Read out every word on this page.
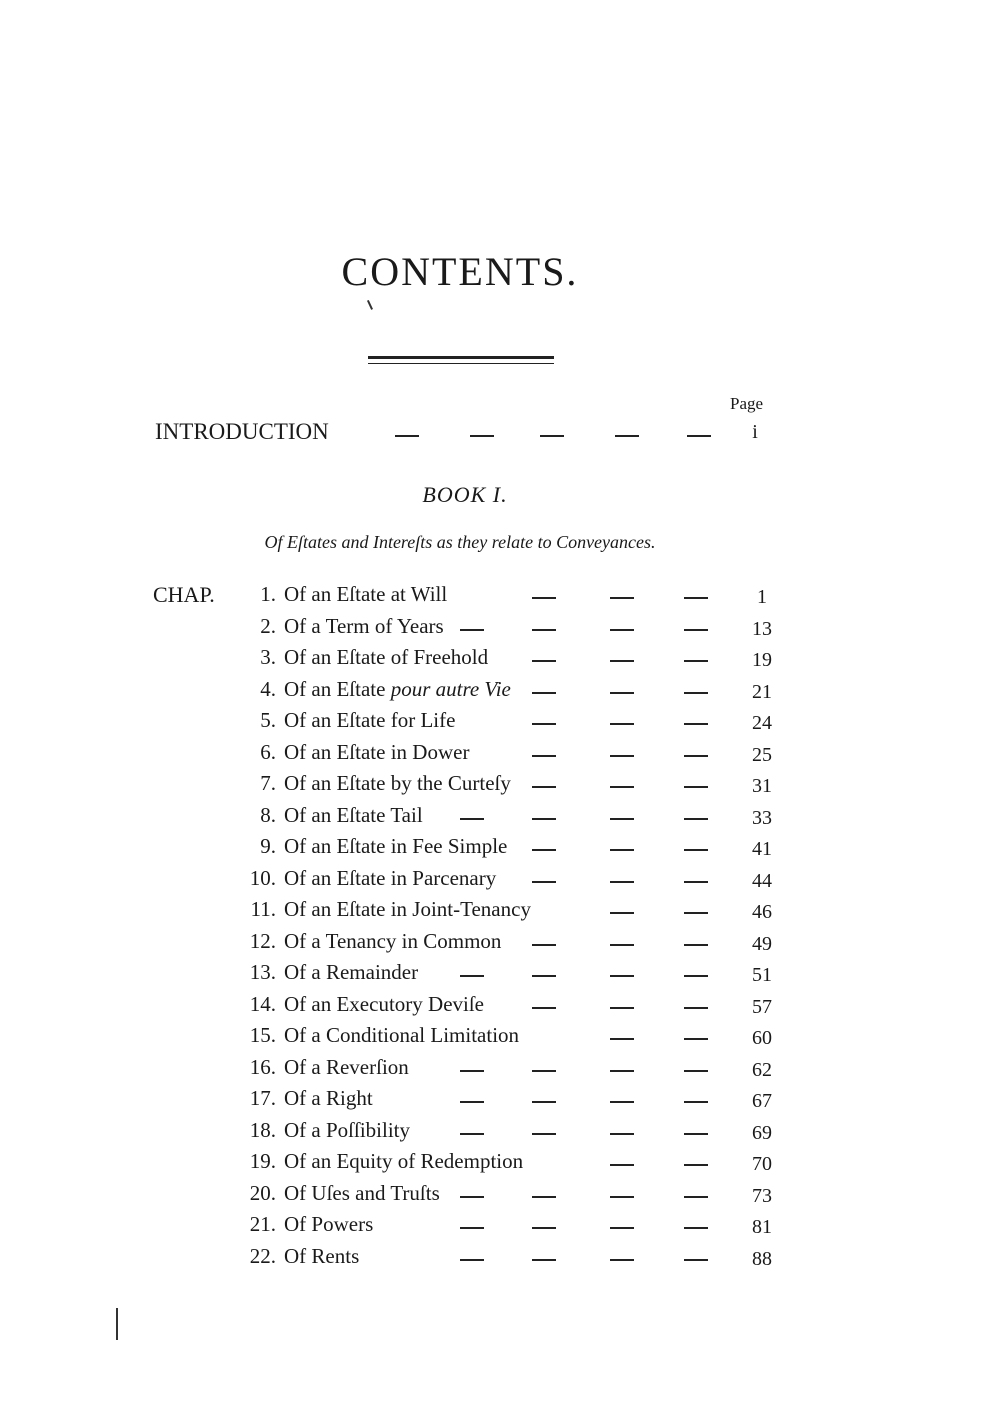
CONTENTS.
Page
INTRODUCTION	i
BOOK I.
Of Eſtates and Intereſts as they relate to Conveyances.
CHAP.	1. Of an Eſtate at Will	1
2. Of a Term of Years	13
3. Of an Eſtate of Freehold	19
4. Of an Eſtate pour autre Vie	21
5. Of an Eſtate for Life	24
6. Of an Eſtate in Dower	25
7. Of an Eſtate by the Curteſy	31
8. Of an Eſtate Tail	33
9. Of an Eſtate in Fee Simple	41
10. Of an Eſtate in Parcenary	44
11. Of an Eſtate in Joint-Tenancy	46
12. Of a Tenancy in Common	49
13. Of a Remainder	51
14. Of an Executory Deviſe	57
15. Of a Conditional Limitation	60
16. Of a Reverſion	62
17. Of a Right	67
18. Of a Poſſibility	69
19. Of an Equity of Redemption	70
20. Of Uſes and Truſts	73
21. Of Powers	81
22. Of Rents	88
